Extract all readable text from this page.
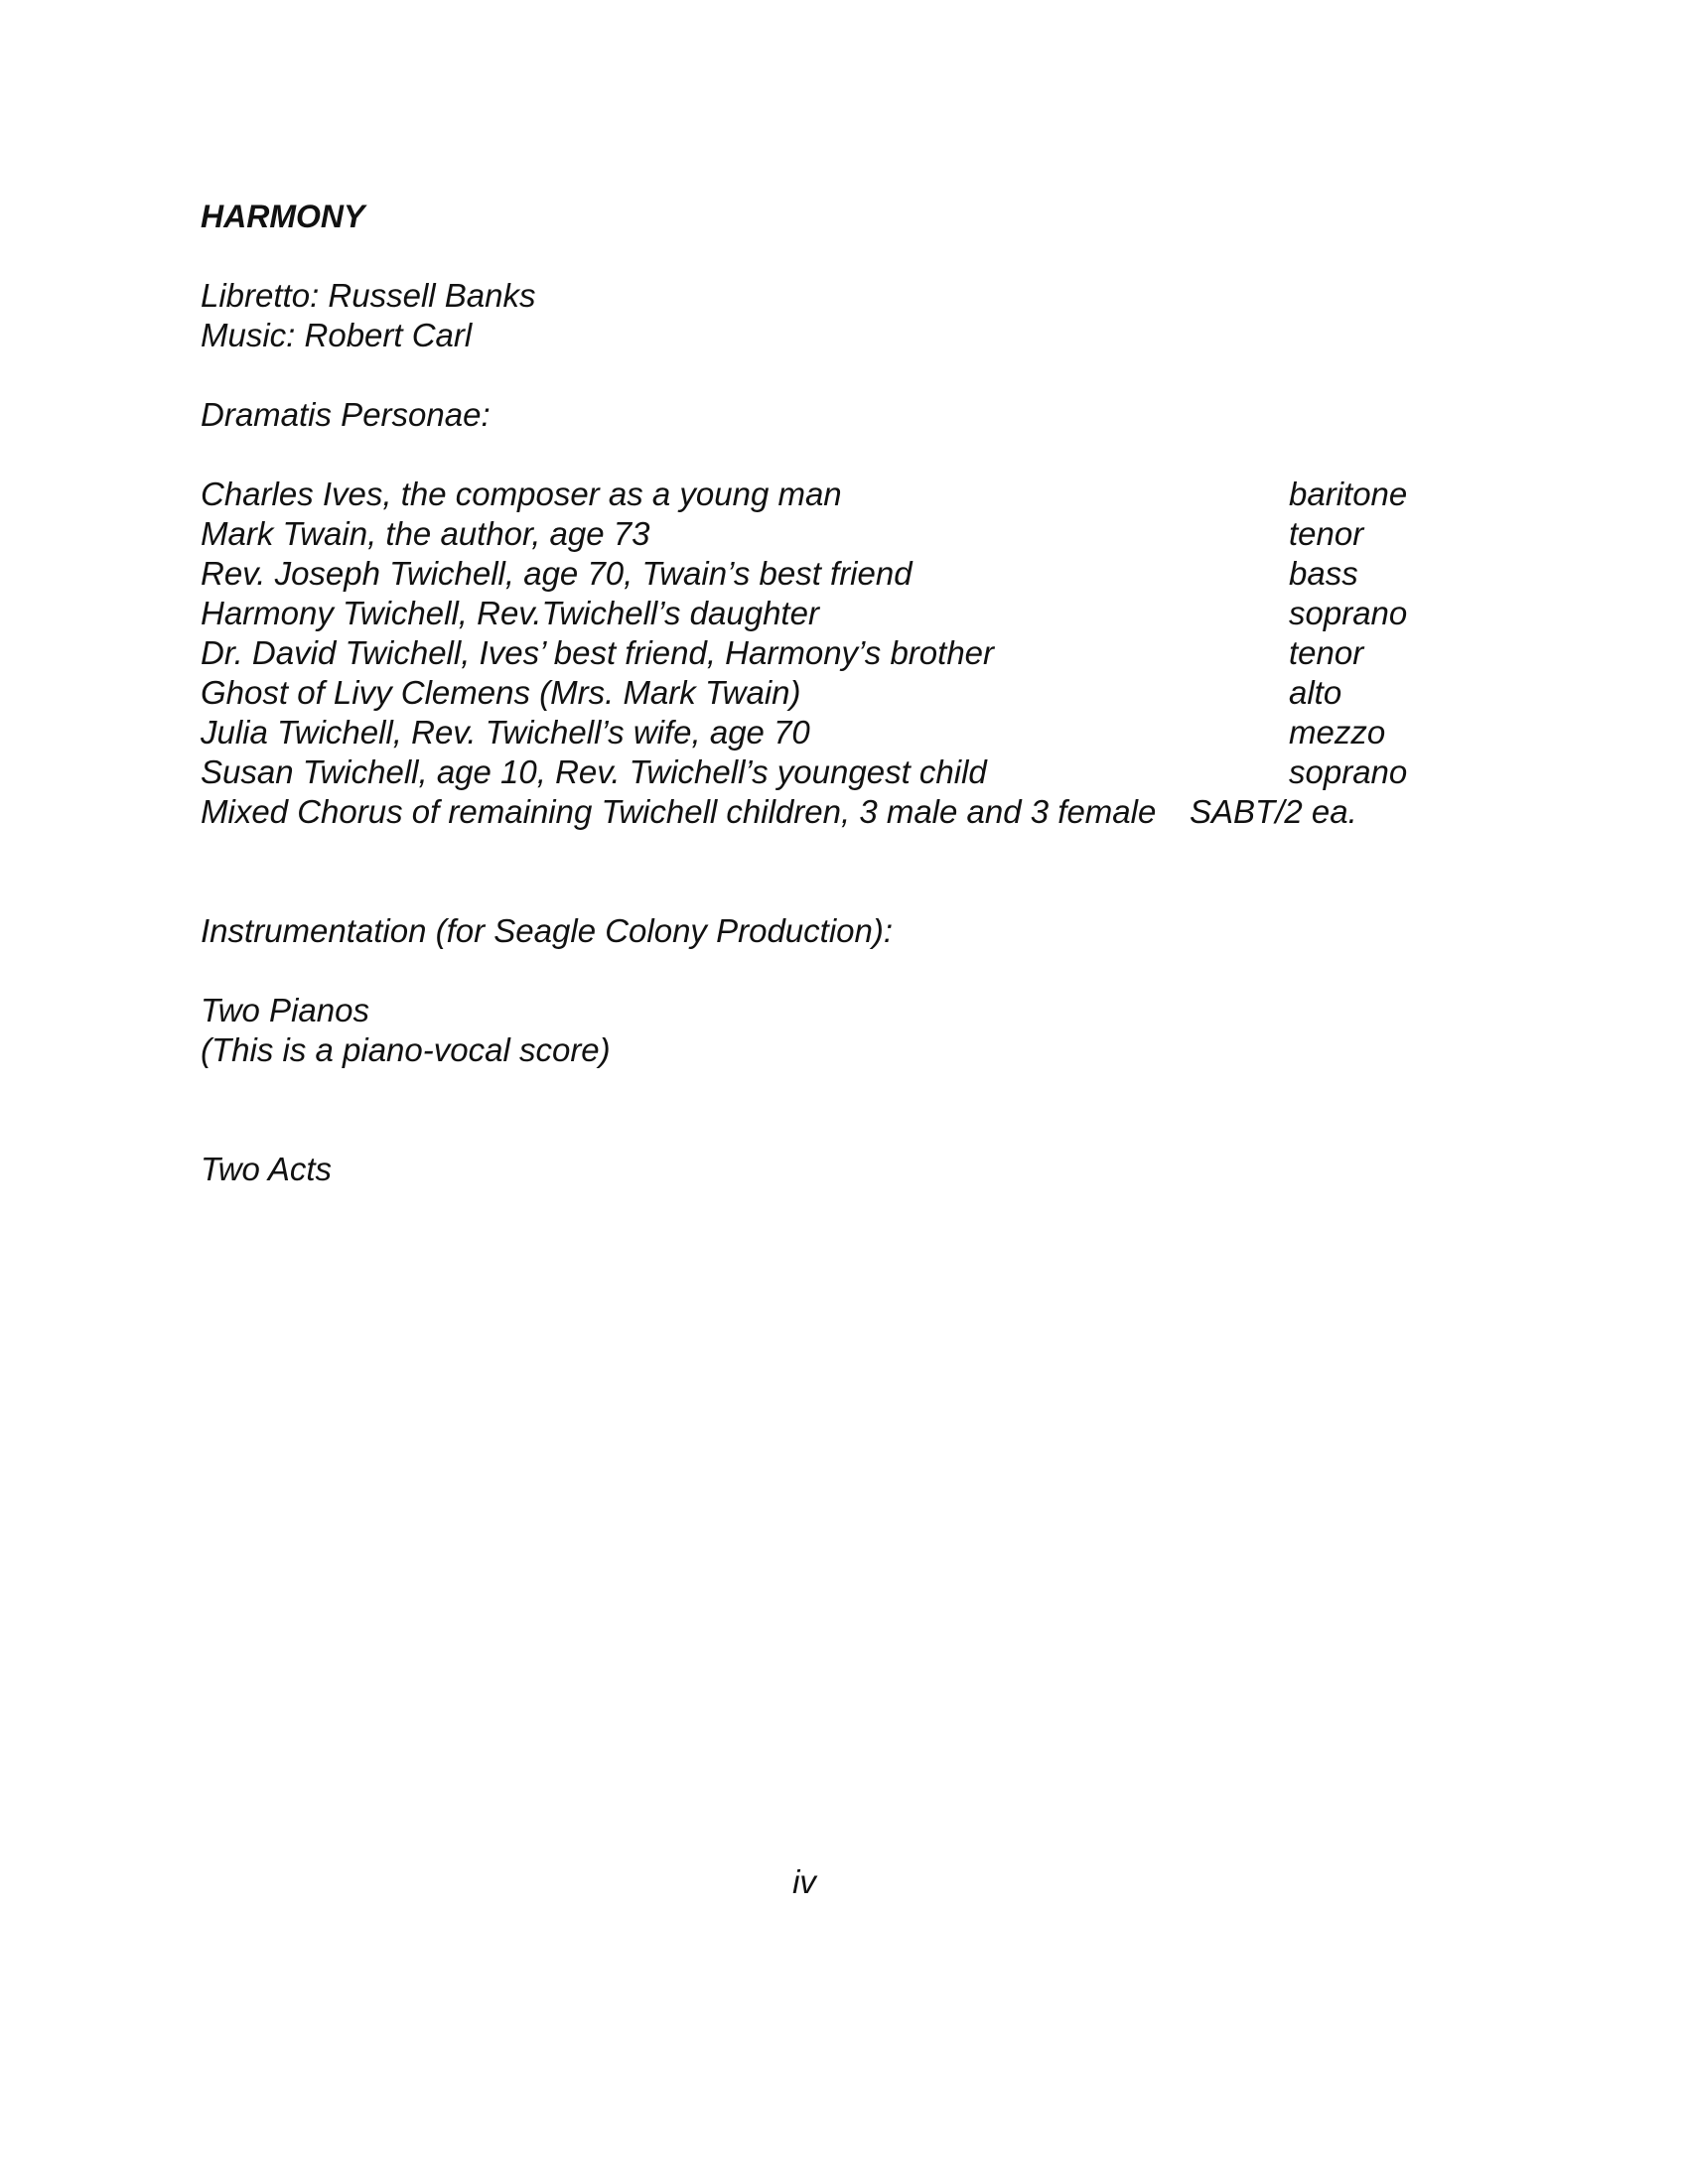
HARMONY
Libretto: Russell Banks
Music: Robert Carl
Dramatis Personae:
Charles Ives, the composer as a young man	baritone
Mark Twain, the author, age 73	tenor
Rev. Joseph Twichell, age 70, Twain’s best friend	bass
Harmony Twichell, Rev.Twichell’s daughter	soprano
Dr. David Twichell, Ives’ best friend, Harmony’s brother	tenor
Ghost of Livy Clemens (Mrs. Mark Twain)	alto
Julia Twichell, Rev. Twichell’s wife, age 70	mezzo
Susan Twichell, age 10, Rev. Twichell’s youngest child	soprano
Mixed Chorus of remaining Twichell children, 3 male and 3 female SABT/2 ea.
Instrumentation (for Seagle Colony Production):
Two Pianos
(This is a piano-vocal score)
Two Acts
iv
